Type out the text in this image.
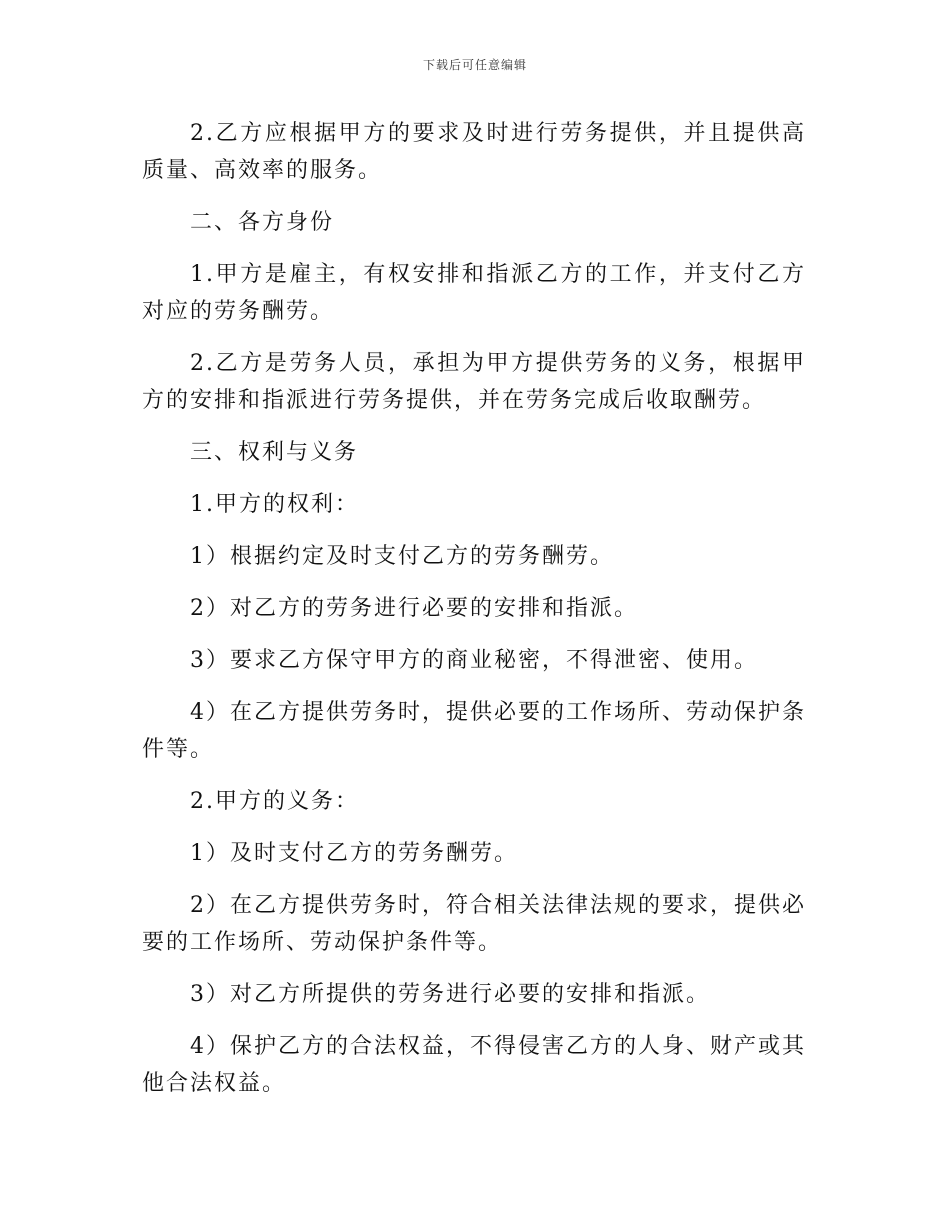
下载后可任意编辑

2.乙方应根据甲方的要求及时进行劳务提供，并且提供高质量、高效率的服务。

二、各方身份

1.甲方是雇主，有权安排和指派乙方的工作，并支付乙方对应的劳务酬劳。

2.乙方是劳务人员，承担为甲方提供劳务的义务，根据甲方的安排和指派进行劳务提供，并在劳务完成后收取酬劳。

三、权利与义务

1.甲方的权利：

1）根据约定及时支付乙方的劳务酬劳。

2）对乙方的劳务进行必要的安排和指派。

3）要求乙方保守甲方的商业秘密，不得泄密、使用。

4）在乙方提供劳务时，提供必要的工作场所、劳动保护条件等。

2.甲方的义务：

1）及时支付乙方的劳务酬劳。

2）在乙方提供劳务时，符合相关法律法规的要求，提供必要的工作场所、劳动保护条件等。

3）对乙方所提供的劳务进行必要的安排和指派。

4）保护乙方的合法权益，不得侵害乙方的人身、财产或其他合法权益。
